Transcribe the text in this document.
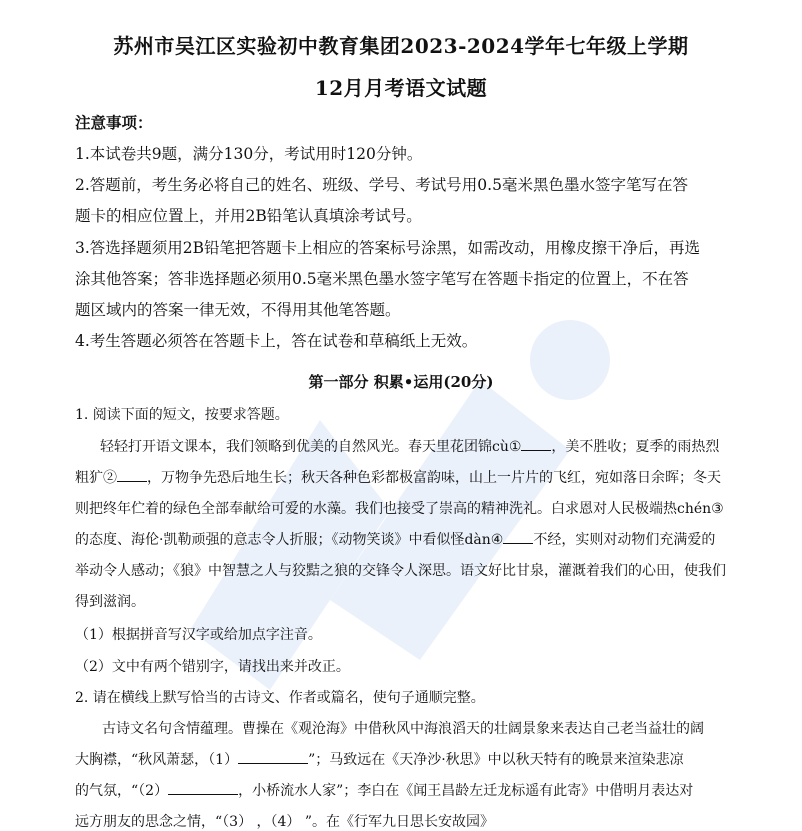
苏州市吴江区实验初中教育集团2023-2024学年七年级上学期
12月月考语文试题
注意事项：
1.本试卷共9题，满分130分，考试用时120分钟。
2.答题前，考生务必将自己的姓名、班级、学号、考试号用0.5毫米黑色墨水签字笔写在答
题卡的相应位置上，并用2B铅笔认真填涂考试号。
3.答选择题须用2B铅笔把答题卡上相应的答案标号涂黑，如需改动，用橡皮擦干净后，再选
涂其他答案；答非选择题必须用0.5毫米黑色墨水签字笔写在答题卡指定的位置上，不在答
题区域内的答案一律无效，不得用其他笔答题。
4.考生答题必须答在答题卡上，答在试卷和草稿纸上无效。
第一部分 积累•运用(20分)
1. 阅读下面的短文，按要求答题。
轻轻打开语文课本，我们领略到优美的自然风光。春天里花团锦cù① ，美不胜收；夏季的雨热烈
粗犷② ，万物争先恐后地生长；秋天各种色彩都极富韵味，山上一片片的飞红，宛如落日余晖；冬天
则把终年伫着的绿色全部奉献给可爱的水藻。我们也接受了崇高的精神洗礼。白求恩对人民极端热chén③
的态度、海伦·凯勒顽强的意志令人折服；《动物笑谈》中看似怪dàn④ 不经，实则对动物们充满爱的
举动令人感动；《狼》中智慧之人与狡黠之狼的交锋令人深思。语文好比甘泉，灌溉着我们的心田，使我们
得到滋润。
（1）根据拼音写汉字或给加点字注音。
（2）文中有两个错别字，请找出来并改正。
2. 请在横线上默写恰当的古诗文、作者或篇名，使句子通顺完整。
古诗文名句含情蕴理。曹操在《观沧海》中借秋风中海浪滔天的壮阔景象来表达自己老当益壮的阔
大胸襟，“秋风萧瑟，（1）	”；马致远在《天净沙·秋思》中以秋天特有的晚景来渲染悲凉
的气氛，“（2）	，小桥流水人家”；李白在《闻王昌龄左迁龙标遥有此寄》中借明月表达对
远方朋友的思念之情，“（3） ，（4） ”。在《行军九日思长安故园》
